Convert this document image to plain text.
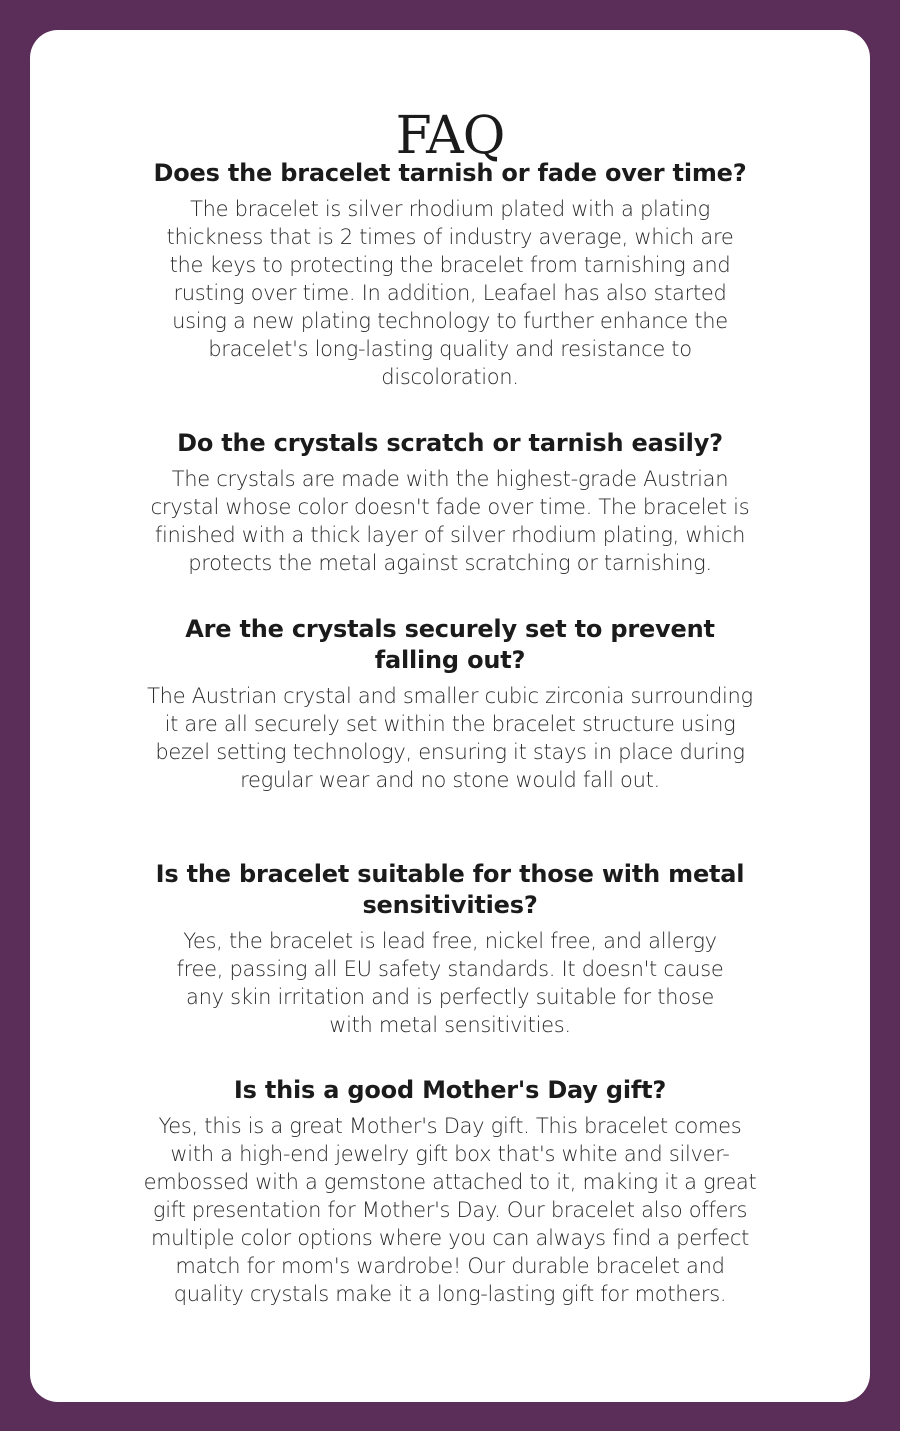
FAQ

Does the bracelet tarnish or fade over time?

The bracelet is silver rhodium plated with a plating thickness that is 2 times of industry average, which are the keys to protecting the bracelet from tarnishing and rusting over time. In addition, Leafael has also started using a new plating technology to further enhance the bracelet's long-lasting quality and resistance to discoloration.

Do the crystals scratch or tarnish easily?

The crystals are made with the highest-grade Austrian crystal whose color doesn't fade over time. The bracelet is finished with a thick layer of silver rhodium plating, which protects the metal against scratching or tarnishing.

Are the crystals securely set to prevent falling out?

The Austrian crystal and smaller cubic zirconia surrounding it are all securely set within the bracelet structure using bezel setting technology, ensuring it stays in place during regular wear and no stone would fall out.

Is the bracelet suitable for those with metal sensitivities?

Yes, the bracelet is lead free, nickel free, and allergy free, passing all EU safety standards. It doesn't cause any skin irritation and is perfectly suitable for those with metal sensitivities.

Is this a good Mother's Day gift?

Yes, this is a great Mother's Day gift. This bracelet comes with a high-end jewelry gift box that's white and silver-embossed with a gemstone attached to it, making it a great gift presentation for Mother's Day. Our bracelet also offers multiple color options where you can always find a perfect match for mom's wardrobe! Our durable bracelet and quality crystals make it a long-lasting gift for mothers.
